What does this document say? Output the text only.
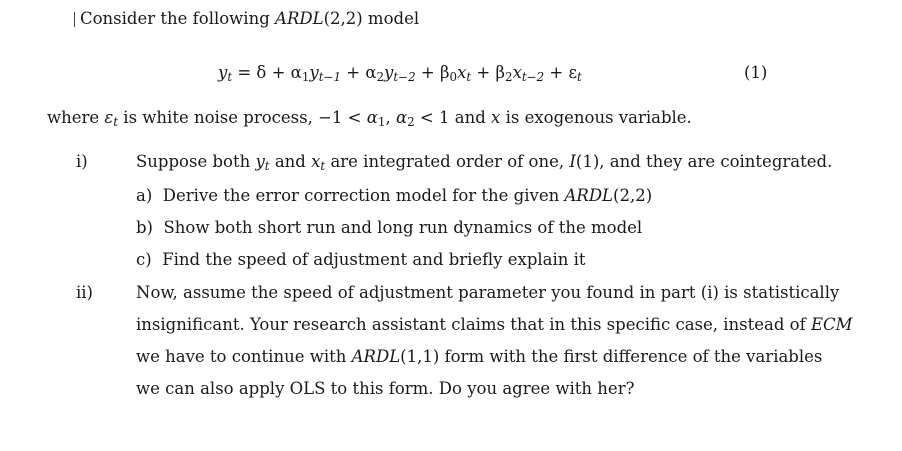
Consider the following ARDL(2,2) model
$y_t = \delta + \alpha_1y_{t-1} + \alpha_2y_{t-2} + \beta_0x_t + \beta_2x_{t-2} + \varepsilon_t$	(1)
where $\varepsilon_t$ is white noise process, $-1 < \alpha_1$, $\alpha_2 < 1$ and x is exogenous variable.
i)	Suppose both $y_t$ and $x_t$ are integrated order of one, I(1), and they are cointegrated.
a) Derive the error correction model for the given ARDL(2,2)
b) Show both short run and long run dynamics of the model
c) Find the speed of adjustment and briefly explain it
ii)	Now, assume the speed of adjustment parameter you found in part (i) is statistically
insignificant. Your research assistant claims that in this specific case, instead of ECM
we have to continue with ARDL(1,1) form with the first difference of the variables
we can also apply OLS to this form. Do you agree with her?
